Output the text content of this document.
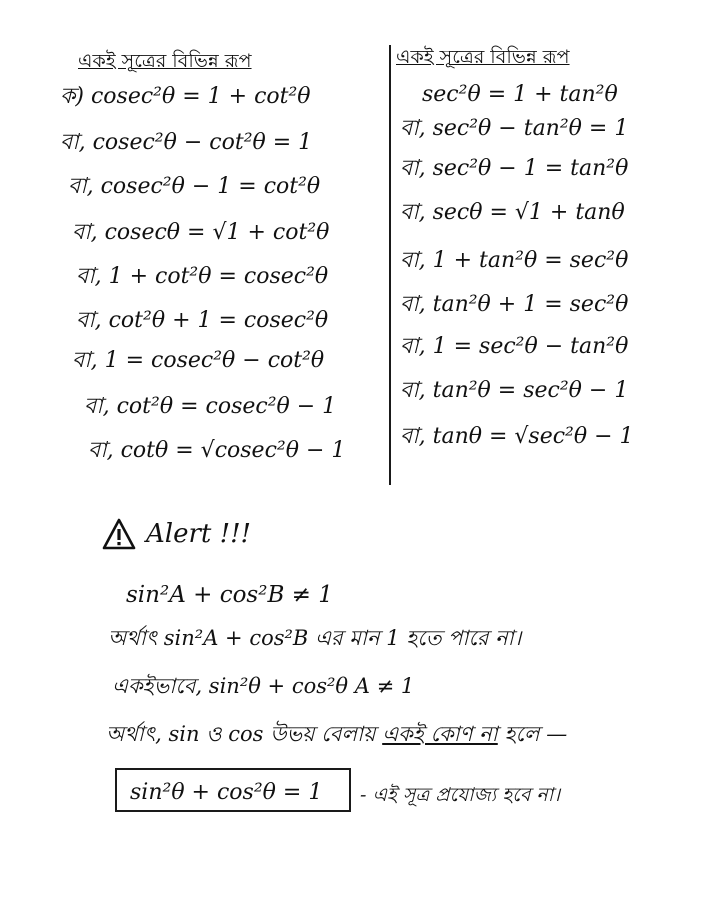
একই সূত্রের বিভিন্ন রূপ
ক) cosec²θ = 1 + cot²θ
বা, cosec²θ − cot²θ = 1
বা, cosec²θ − 1 = cot²θ
বা, cosecθ = √1 + cot²θ
বা, 1 + cot²θ = cosec²θ
বা, cot²θ + 1 = cosec²θ
বা, 1 = cosec²θ − cot²θ
বা, cot²θ = cosec²θ − 1
বা, cotθ = √cosec²θ − 1
একই সূত্রের বিভিন্ন রূপ
sec²θ = 1 + tan²θ
বা, sec²θ − tan²θ = 1
বা, sec²θ − 1 = tan²θ
বা, secθ = √1 + tanθ
বা, 1 + tan²θ = sec²θ
বা, tan²θ + 1 = sec²θ
বা, 1 = sec²θ − tan²θ
বা, tan²θ = sec²θ − 1
বা, tanθ = √sec²θ − 1
Alert !!!
sin²A + cos²B ≠ 1
অর্থাৎ sin²A + cos²B এর মান 1 হতে পারে না।
একইভাবে, sin²θ + cos²θ A ≠ 1
অর্থাৎ, sin ও cos উভয় বেলায় একই কোণ না হলে —
sin²θ + cos²θ = 1 - এই সূত্র প্রযোজ্য হবে না।
